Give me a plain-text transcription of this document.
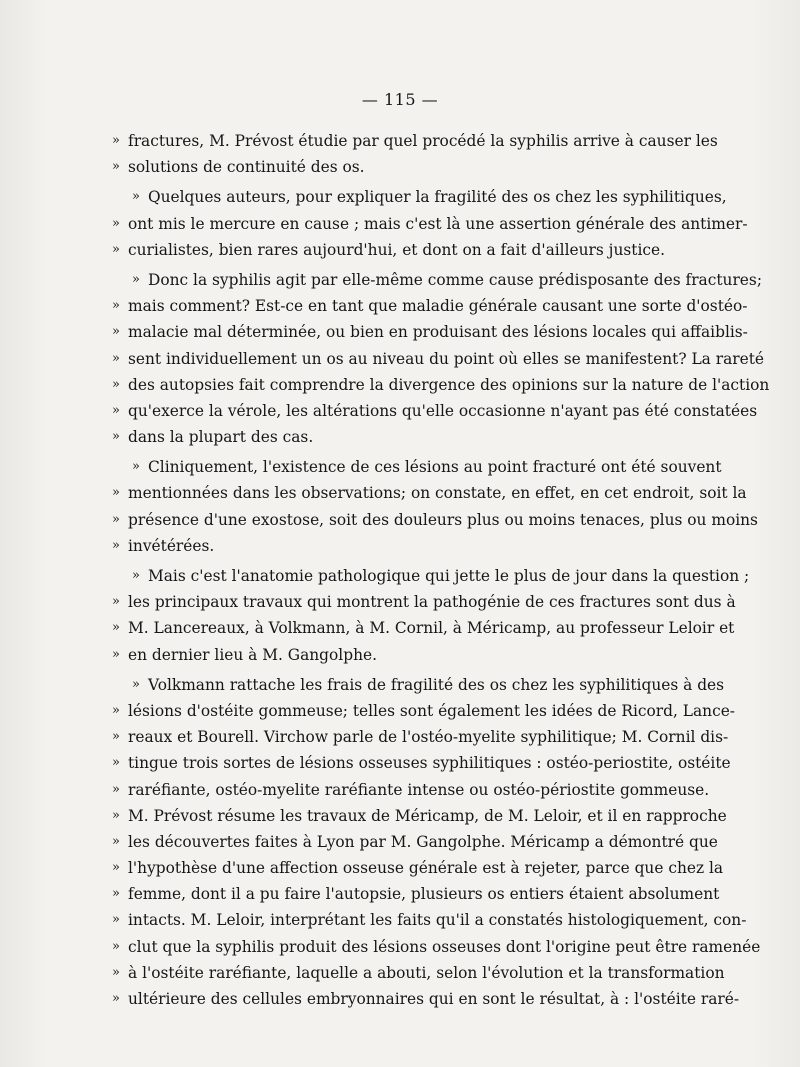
— 115 —
» fractures, M. Prévost étudie par quel procédé la syphilis arrive à causer les
» solutions de continuité des os.
» Quelques auteurs, pour expliquer la fragilité des os chez les syphilitiques,
» ont mis le mercure en cause ; mais c'est là une assertion générale des antimer-
» curialistes, bien rares aujourd'hui, et dont on a fait d'ailleurs justice.
» Donc la syphilis agit par elle-même comme cause prédisposante des fractures;
» mais comment? Est-ce en tant que maladie générale causant une sorte d'ostéo-
» malacie mal déterminée, ou bien en produisant des lésions locales qui affaiblis-
» sent individuellement un os au niveau du point où elles se manifestent? La rareté
» des autopsies fait comprendre la divergence des opinions sur la nature de l'action
» qu'exerce la vérole, les altérations qu'elle occasionne n'ayant pas été constatées
» dans la plupart des cas.
» Cliniquement, l'existence de ces lésions au point fracturé ont été souvent
» mentionnées dans les observations; on constate, en effet, en cet endroit, soit la
» présence d'une exostose, soit des douleurs plus ou moins tenaces, plus ou moins
» invétérées.
» Mais c'est l'anatomie pathologique qui jette le plus de jour dans la question ;
» les principaux travaux qui montrent la pathogénie de ces fractures sont dus à
» M. Lancereaux, à Volkmann, à M. Cornil, à Méricamp, au professeur Leloir et
» en dernier lieu à M. Gangolphe.
» Volkmann rattache les frais de fragilité des os chez les syphilitiques à des
» lésions d'ostéite gommeuse; telles sont également les idées de Ricord, Lance-
» reaux et Bourell. Virchow parle de l'ostéo-myelite syphilitique; M. Cornil dis-
» tingue trois sortes de lésions osseuses syphilitiques : ostéo-periostite, ostéite
» raréfiante, ostéo-myelite raréfiante intense ou ostéo-périostite gommeuse.
» M. Prévost résume les travaux de Méricamp, de M. Leloir, et il en rapproche
» les découvertes faites à Lyon par M. Gangolphe. Méricamp a démontré que
» l'hypothèse d'une affection osseuse générale est à rejeter, parce que chez la
» femme, dont il a pu faire l'autopsie, plusieurs os entiers étaient absolument
» intacts. M. Leloir, interprétant les faits qu'il a constatés histologiquement, con-
» clut que la syphilis produit des lésions osseuses dont l'origine peut être ramenée
» à l'ostéite raréfiante, laquelle a abouti, selon l'évolution et la transformation
» ultérieure des cellules embryonnaires qui en sont le résultat, à : l'ostéite raré-
